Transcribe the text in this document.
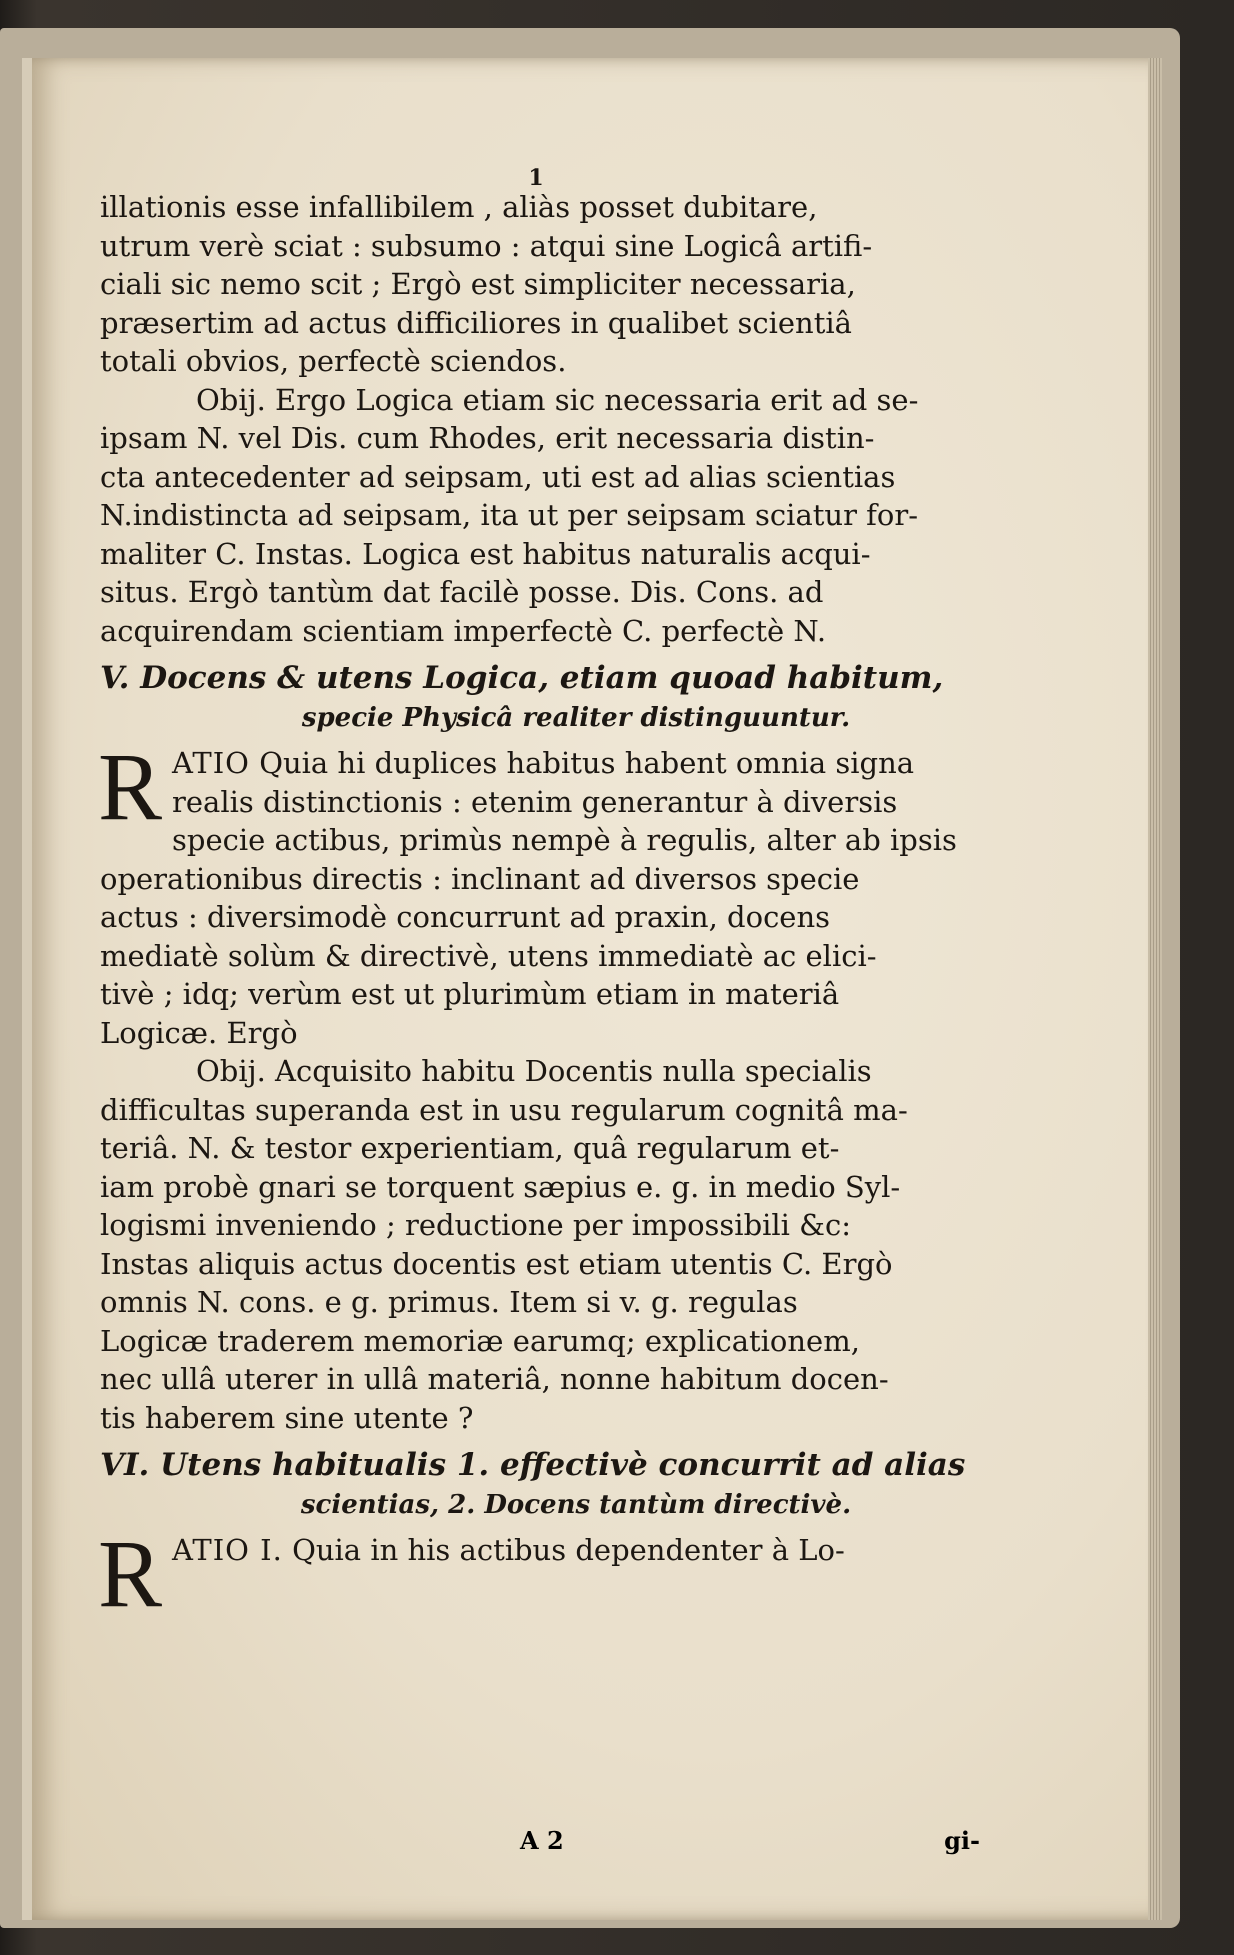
1

illationis esse infallibilem , aliàs posset dubitare,
utrum verè sciat : subsumo : atqui sine Logicâ artifi-
ciali sic nemo scit ; Ergò est simpliciter necessaria,
præsertim ad actus difficiliores in qualibet scientiâ
totali obvios, perfectè sciendos.

Obij. Ergo Logica etiam sic necessaria erit ad se-
ipsam N. vel Dis. cum Rhodes, erit necessaria distin-
cta antecedenter ad seipsam, uti est ad alias scientias
N.indistincta ad seipsam, ita ut per seipsam sciatur for-
maliter C. Instas. Logica est habitus naturalis acqui-
situs. Ergò tantùm dat facilè posse. Dis. Cons. ad
acquirendam scientiam imperfectè C. perfectè N.

V. Docens & utens Logica, etiam quoad habitum,
specie Physicâ realiter distinguuntur.
R ATIO Quia hi duplices habitus habent omnia signa
realis distinctionis : etenim generantur à diversis
specie actibus, primùs nempè à regulis, alter ab ipsis
operationibus directis : inclinant ad diversos specie
actus : diversimodè concurrunt ad praxin, docens
mediatè solùm & directivè, utens immediatè ac elici-
tivè ; idq; verùm est ut plurimùm etiam in materiâ
Logicæ. Ergò

Obij. Acquisito habitu Docentis nulla specialis
difficultas superanda est in usu regularum cognitâ ma-
teriâ. N. & testor experientiam, quâ regularum et-
iam probè gnari se torquent sæpius e. g. in medio Syl-
logismi inveniendo ; reductione per impossibili &c:
Instas aliquis actus docentis est etiam utentis C. Ergò
omnis N. cons. e g. primus. Item si v. g. regulas
Logicæ traderem memoriæ earumq; explicationem,
nec ullâ uterer in ullâ materiâ, nonne habitum docen-
tis haberem sine utente ?

VI. Utens habitualis 1. effectivè concurrit ad alias
scientias, 2. Docens tantùm directivè.
R ATIO I. Quia in his actibus dependenter à Lo-

A 2	gi-
